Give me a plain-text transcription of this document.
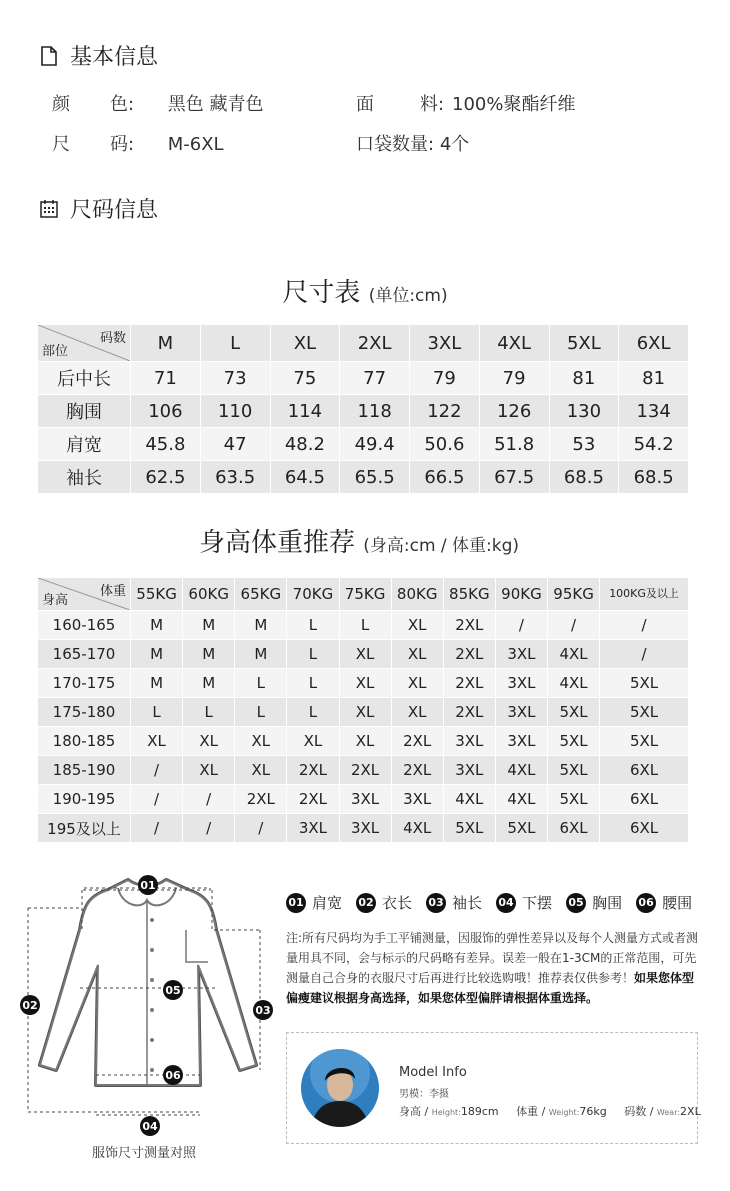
基本信息
颜色: 黑色 藏青色	面料: 100%聚酯纤维
尺码: M-6XL	口袋数量: 4个
尺码信息
尺寸表 (单位:cm)
码数
部位	M	L	XL	2XL	3XL	4XL	5XL	6XL
后中长	71	73	75	77	79	79	81	81
胸围	106	110	114	118	122	126	130	134
肩宽	45.8	47	48.2	49.4	50.6	51.8	53	54.2
袖长	62.5	63.5	64.5	65.5	66.5	67.5	68.5	68.5
身高体重推荐 (身高:cm / 体重:kg)
体重
身高	55KG	60KG	65KG	70KG	75KG	80KG	85KG	90KG	95KG	100KG及以上
160-165	M	M	M	L	L	XL	2XL	/	/	/
165-170	M	M	M	L	XL	XL	2XL	3XL	4XL	/
170-175	M	M	L	L	XL	XL	2XL	3XL	4XL	5XL
175-180	L	L	L	L	XL	XL	2XL	3XL	5XL	5XL
180-185	XL	XL	XL	XL	XL	2XL	3XL	3XL	5XL	5XL
185-190	/	XL	XL	2XL	2XL	2XL	3XL	4XL	5XL	6XL
190-195	/	/	2XL	2XL	3XL	3XL	4XL	4XL	5XL	6XL
195及以上	/	/	/	3XL	3XL	4XL	5XL	5XL	6XL	6XL
01
02	03
04
05
06
服饰尺寸测量对照
01 肩宽 02 衣长 03 袖长 04 下摆 05 胸围 06 腰围
注:所有尺码均为手工平铺测量，因服饰的弹性差异以及每个人测量方式或者测量用具不同，会与标示的尺码略有差异。误差一般在1-3CM的正常范围，可先测量自己合身的衣服尺寸后再进行比较选购哦！推荐表仅供参考！如果您体型偏瘦建议根据身高选择，如果您体型偏胖请根据体重选择。
Model Info
男模：李摄
身高 / Height:189cm 体重 / Weight:76kg 码数 / Wear:2XL
